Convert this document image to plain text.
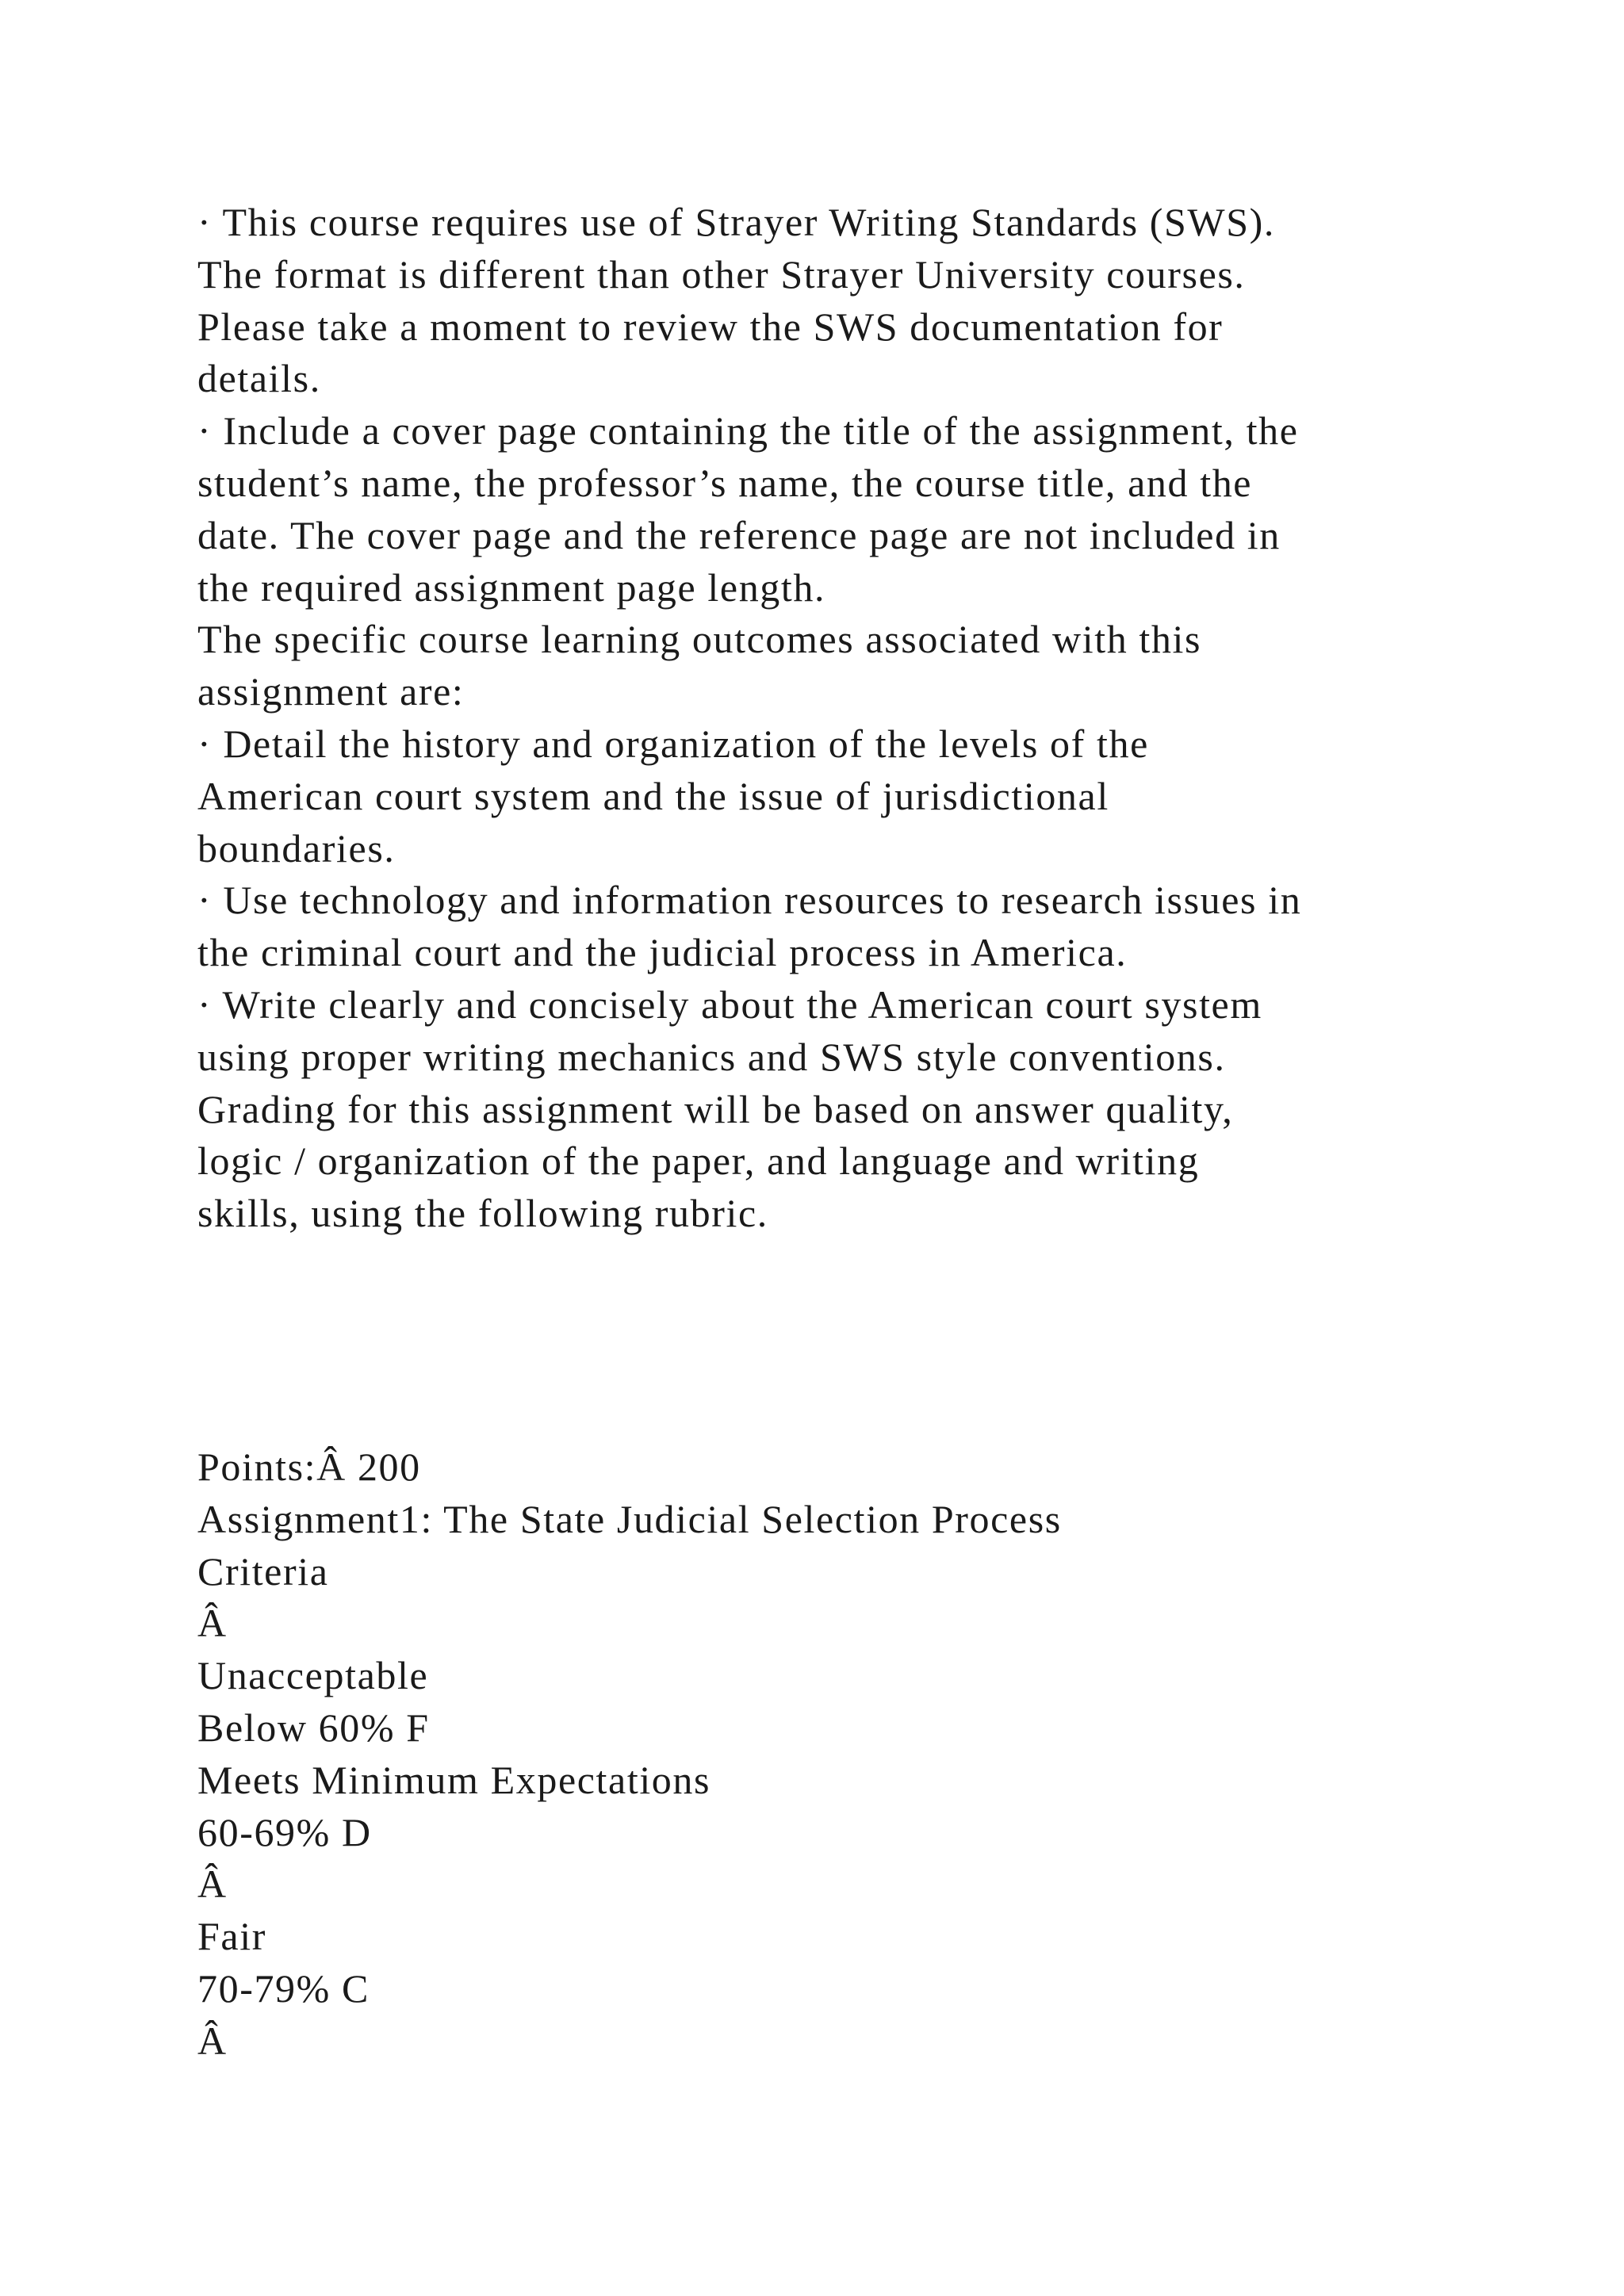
· This course requires use of Strayer Writing Standards (SWS).
The format is different than other Strayer University courses.
Please take a moment to review the SWS documentation for
details.
· Include a cover page containing the title of the assignment, the
student’s name, the professor’s name, the course title, and the
date. The cover page and the reference page are not included in
the required assignment page length.
The specific course learning outcomes associated with this
assignment are:
· Detail the history and organization of the levels of the
American court system and the issue of jurisdictional
boundaries.
· Use technology and information resources to research issues in
the criminal court and the judicial process in America.
· Write clearly and concisely about the American court system
using proper writing mechanics and SWS style conventions.
Grading for this assignment will be based on answer quality,
logic / organization of the paper, and language and writing
skills, using the following rubric.
Points:Â 200
Assignment1: The State Judicial Selection Process
Criteria
Â
Unacceptable
Below 60% F
Meets Minimum Expectations
60-69% D
Â
Fair
70-79% C
Â
